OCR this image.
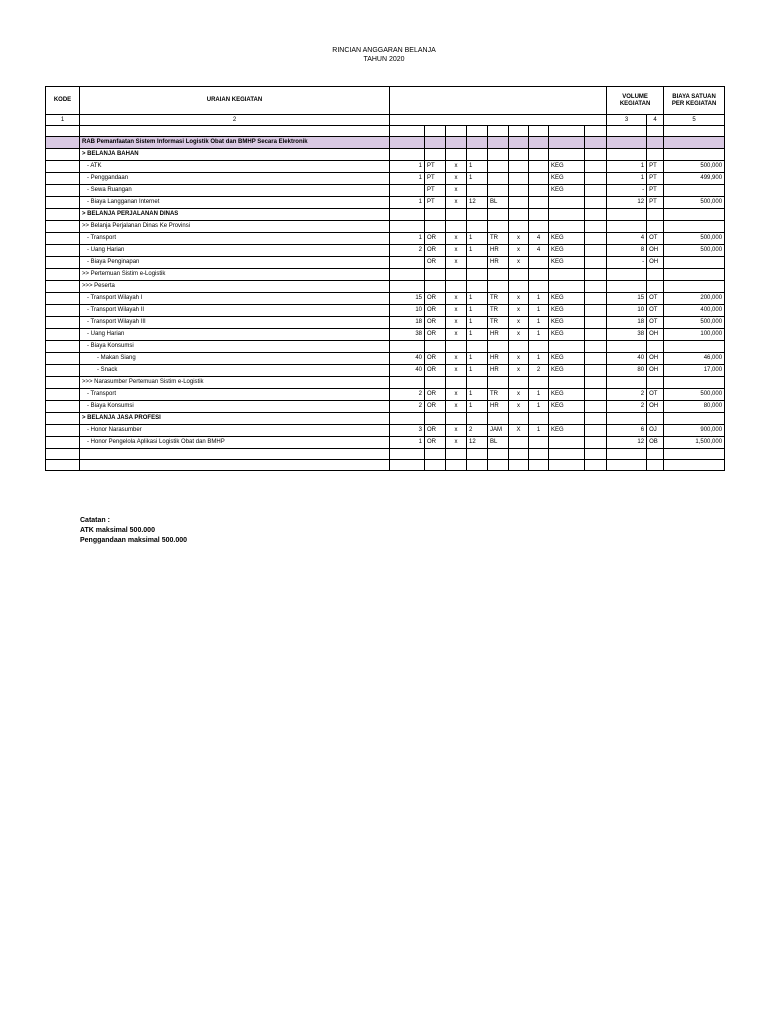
RINCIAN ANGGARAN BELANJA
TAHUN 2020
KODE	URAIAN KEGIATAN										VOLUME KEGIATAN		BIAYA SATUAN PER KEGIATAN
1	2										3	4	5

	RAB Pemanfaatan Sistem Informasi Logistik Obat dan BMHP Secara Elektronik												
	> BELANJA BAHAN												
	- ATK	1	PT	x	1				KEG		1	PT	500,000
	- Penggandaan	1	PT	x	1				KEG		1	PT	499,900
	- Sewa Ruangan		PT	x					KEG		-	PT	
	- Biaya Langganan Internet	1	PT	x	12	BL					12	PT	500,000
	> BELANJA PERJALANAN DINAS												
	>> Belanja Perjalanan Dinas Ke Provinsi												
	- Transport	1	OR	x	1	TR	x	4	KEG		4	OT	500,000
	- Uang Harian	2	OR	x	1	HR	x	4	KEG		8	OH	500,000
	- Biaya Penginapan		OR	x		HR	x		KEG		-	OH	
	>> Pertemuan Sistim e-Logistik												
	>>> Peserta												
	- Transport Wilayah I	15	OR	x	1	TR	x	1	KEG		15	OT	200,000
	- Transport Wilayah II	10	OR	x	1	TR	x	1	KEG		10	OT	400,000
	- Transport Wilayah III	18	OR	x	1	TR	x	1	KEG		18	OT	500,000
	- Uang Harian	38	OR	x	1	HR	x	1	KEG		38	OH	100,000
	- Biaya Konsumsi												
	- Makan Siang	40	OR	x	1	HR	x	1	KEG		40	OH	46,000
	- Snack	40	OR	x	1	HR	x	2	KEG		80	OH	17,000
	>>> Narasumber Pertemuan Sistim e-Logistik												
	- Transport	2	OR	x	1	TR	x	1	KEG		2	OT	500,000
	- Biaya Konsumsi	2	OR	x	1	HR	x	1	KEG		2	OH	80,000
	> BELANJA JASA PROFESI												
	- Honor Narasumber	3	OR	x	2	JAM	X	1	KEG		6	OJ	900,000
	- Honor Pengelola Aplikasi Logistik Obat dan BMHP	1	OR	x	12	BL					12	OB	1,500,000

Catatan :
ATK maksimal 500.000
Penggandaan maksimal 500.000
